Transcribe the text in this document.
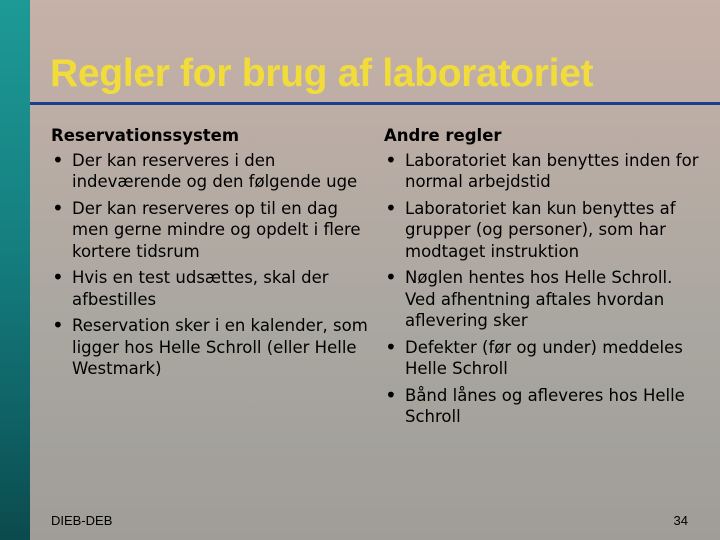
Regler for brug af laboratoriet
Reservationssystem
• Der kan reserveres i den indeværende og den følgende uge
• Der kan reserveres op til en dag men gerne mindre og opdelt i flere kortere tidsrum
• Hvis en test udsættes, skal der afbestilles
• Reservation sker i en kalender, som ligger hos Helle Schroll (eller Helle Westmark)
Andre regler
• Laboratoriet kan benyttes inden for normal arbejdstid
• Laboratoriet kan kun benyttes af grupper (og personer), som har modtaget instruktion
• Nøglen hentes hos Helle Schroll. Ved afhentning aftales hvordan aflevering sker
• Defekter (før og under) meddeles Helle Schroll
• Bånd lånes og afleveres hos Helle Schroll
DIEB-DEB	34
